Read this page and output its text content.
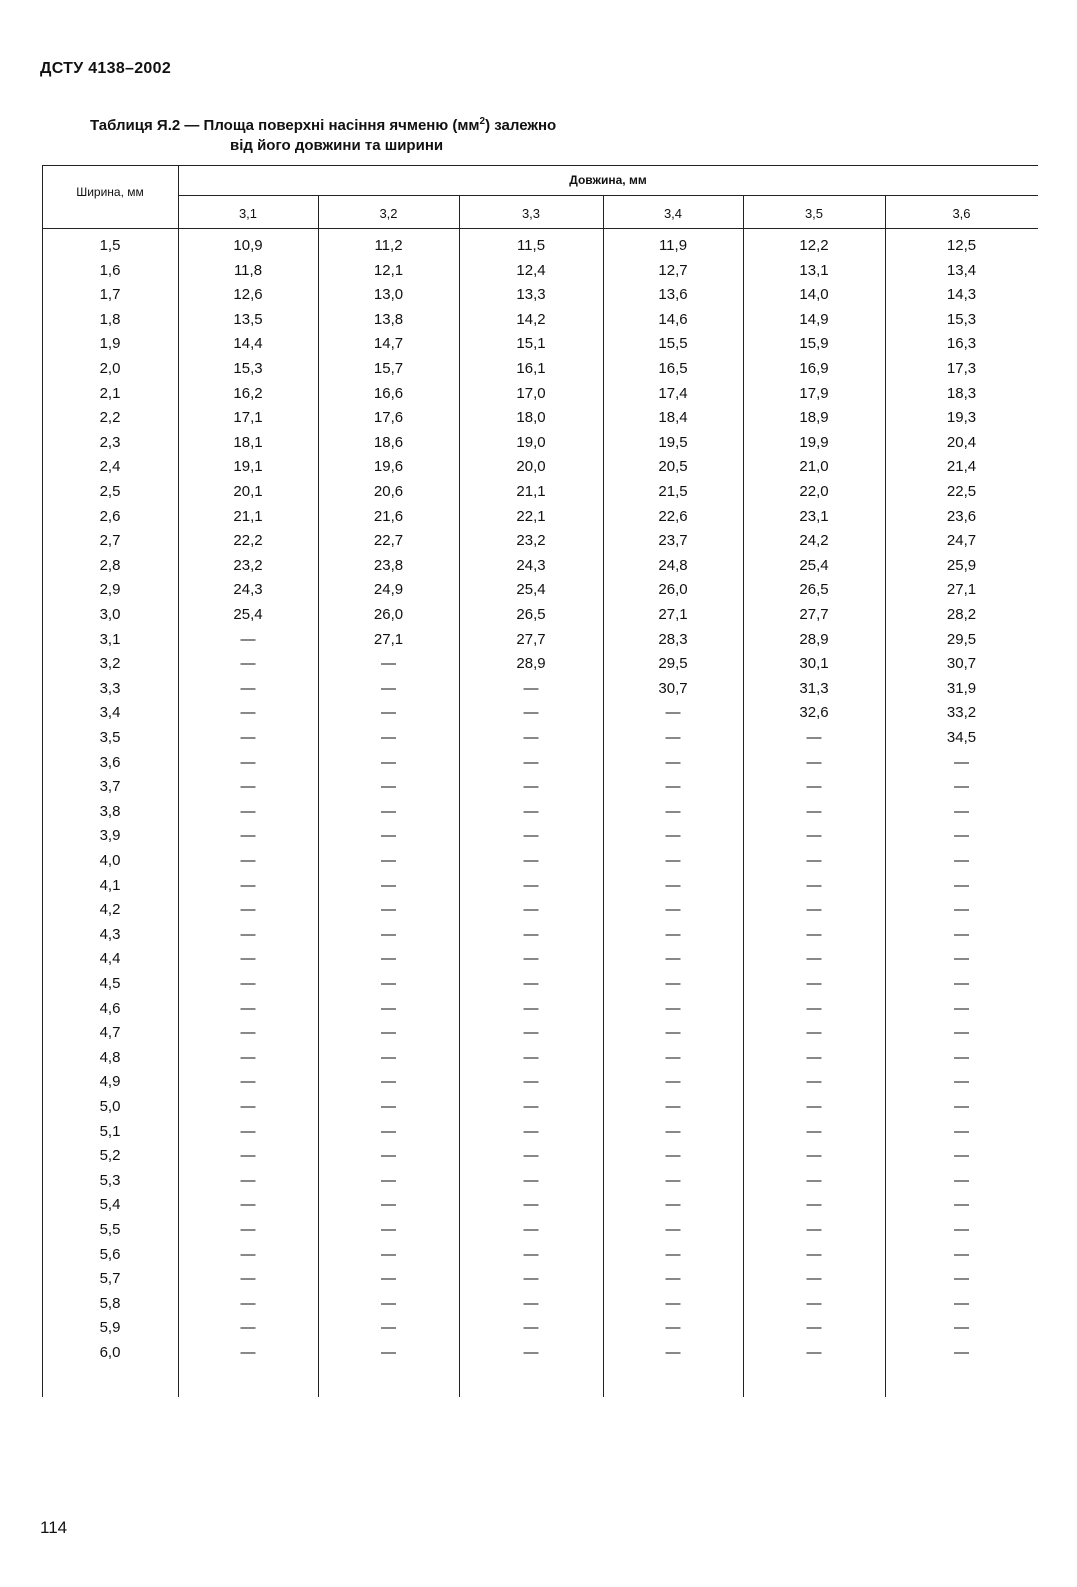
ДСТУ 4138–2002
Таблиця Я.2 — Площа поверхні насіння ячменю $(мм^2)$ залежно
від його довжини та ширини
Ширина, мм
Довжина, мм
3,1	3,2	3,3	3,4	3,5	3,6
1,5	10,9	11,2	11,5	11,9	12,2	12,5
1,6	11,8	12,1	12,4	12,7	13,1	13,4
1,7	12,6	13,0	13,3	13,6	14,0	14,3
1,8	13,5	13,8	14,2	14,6	14,9	15,3
1,9	14,4	14,7	15,1	15,5	15,9	16,3
2,0	15,3	15,7	16,1	16,5	16,9	17,3
2,1	16,2	16,6	17,0	17,4	17,9	18,3
2,2	17,1	17,6	18,0	18,4	18,9	19,3
2,3	18,1	18,6	19,0	19,5	19,9	20,4
2,4	19,1	19,6	20,0	20,5	21,0	21,4
2,5	20,1	20,6	21,1	21,5	22,0	22,5
2,6	21,1	21,6	22,1	22,6	23,1	23,6
2,7	22,2	22,7	23,2	23,7	24,2	24,7
2,8	23,2	23,8	24,3	24,8	25,4	25,9
2,9	24,3	24,9	25,4	26,0	26,5	27,1
3,0	25,4	26,0	26,5	27,1	27,7	28,2
3,1	—	27,1	27,7	28,3	28,9	29,5
3,2	—	—	28,9	29,5	30,1	30,7
3,3	—	—	—	30,7	31,3	31,9
3,4	—	—	—	—	32,6	33,2
3,5	—	—	—	—	—	34,5
3,6	—	—	—	—	—	—
3,7	—	—	—	—	—	—
3,8	—	—	—	—	—	—
3,9	—	—	—	—	—	—
4,0	—	—	—	—	—	—
4,1	—	—	—	—	—	—
4,2	—	—	—	—	—	—
4,3	—	—	—	—	—	—
4,4	—	—	—	—	—	—
4,5	—	—	—	—	—	—
4,6	—	—	—	—	—	—
4,7	—	—	—	—	—	—
4,8	—	—	—	—	—	—
4,9	—	—	—	—	—	—
5,0	—	—	—	—	—	—
5,1	—	—	—	—	—	—
5,2	—	—	—	—	—	—
5,3	—	—	—	—	—	—
5,4	—	—	—	—	—	—
5,5	—	—	—	—	—	—
5,6	—	—	—	—	—	—
5,7	—	—	—	—	—	—
5,8	—	—	—	—	—	—
5,9	—	—	—	—	—	—
6,0	—	—	—	—	—	—
114
